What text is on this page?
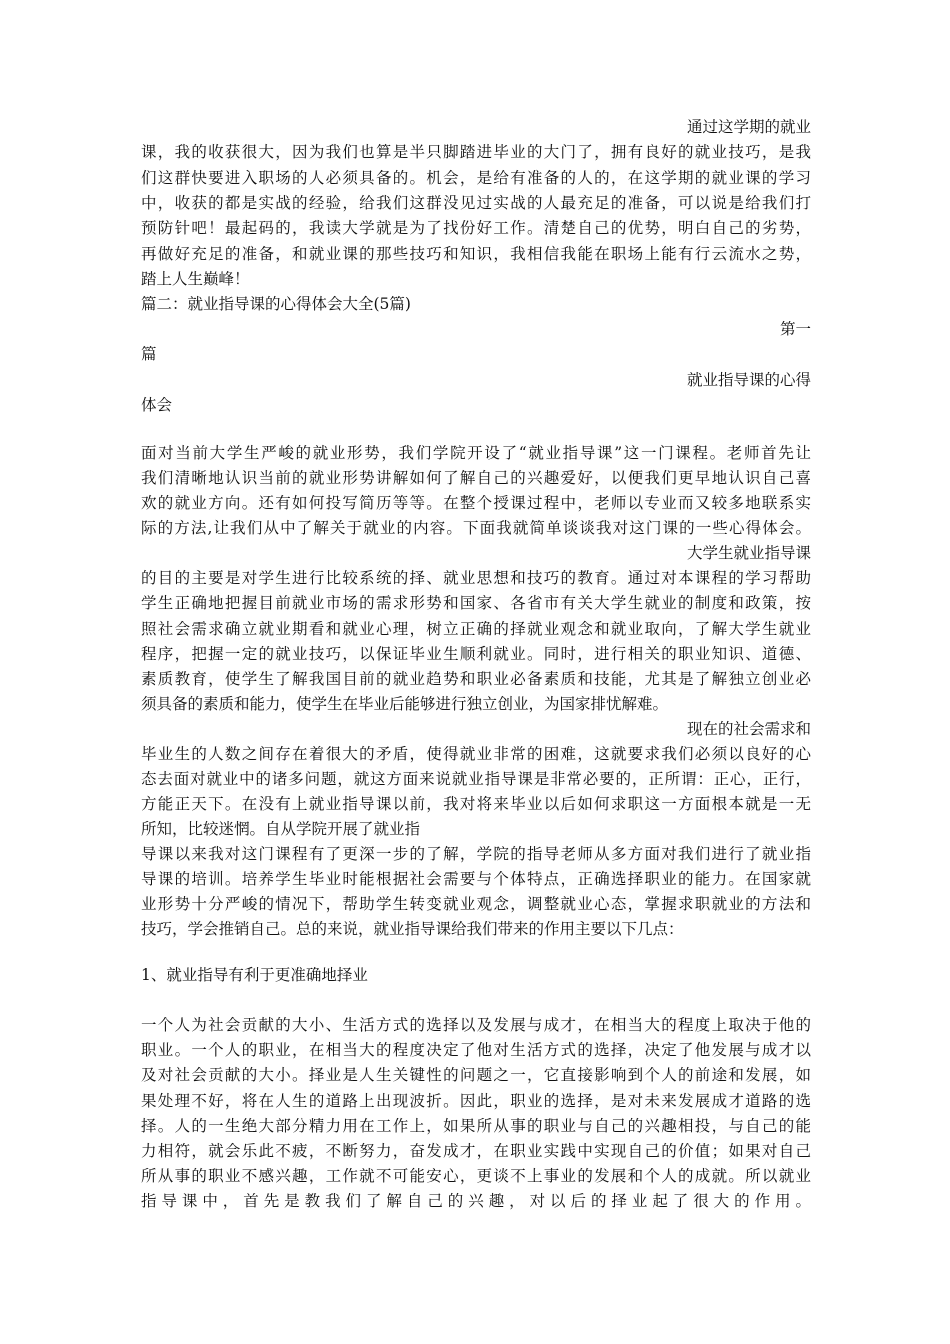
通过这学期的就业
课，我的收获很大，因为我们也算是半只脚踏进毕业的大门了，拥有良好的就业技巧，是我
们这群快要进入职场的人必须具备的。机会，是给有准备的人的，在这学期的就业课的学习
中，收获的都是实战的经验，给我们这群没见过实战的人最充足的准备，可以说是给我们打
预防针吧！最起码的，我读大学就是为了找份好工作。清楚自己的优势，明白自己的劣势，
再做好充足的准备，和就业课的那些技巧和知识，我相信我能在职场上能有行云流水之势，
踏上人生巅峰！
篇二：就业指导课的心得体会大全(5篇)
第一
篇
就业指导课的心得
体会
面对当前大学生严峻的就业形势，我们学院开设了“就业指导课”这一门课程。老师首先让
我们清晰地认识当前的就业形势讲解如何了解自己的兴趣爱好，以便我们更早地认识自己喜
欢的就业方向。还有如何投写简历等等。在整个授课过程中，老师以专业而又较多地联系实
际的方法,让我们从中了解关于就业的内容。下面我就简单谈谈我对这门课的一些心得体会。
大学生就业指导课
的目的主要是对学生进行比较系统的择、就业思想和技巧的教育。通过对本课程的学习帮助
学生正确地把握目前就业市场的需求形势和国家、各省市有关大学生就业的制度和政策，按
照社会需求确立就业期看和就业心理，树立正确的择就业观念和就业取向，了解大学生就业
程序，把握一定的就业技巧，以保证毕业生顺利就业。同时，进行相关的职业知识、道德、
素质教育，使学生了解我国目前的就业趋势和职业必备素质和技能，尤其是了解独立创业必
须具备的素质和能力，使学生在毕业后能够进行独立创业，为国家排忧解难。
现在的社会需求和
毕业生的人数之间存在着很大的矛盾，使得就业非常的困难，这就要求我们必须以良好的心
态去面对就业中的诸多问题，就这方面来说就业指导课是非常必要的，正所谓：正心，正行，
方能正天下。在没有上就业指导课以前，我对将来毕业以后如何求职这一方面根本就是一无
所知，比较迷惘。自从学院开展了就业指
导课以来我对这门课程有了更深一步的了解，学院的指导老师从多方面对我们进行了就业指
导课的培训。培养学生毕业时能根据社会需要与个体特点，正确选择职业的能力。在国家就
业形势十分严峻的情况下，帮助学生转变就业观念，调整就业心态，掌握求职就业的方法和
技巧，学会推销自己。总的来说，就业指导课给我们带来的作用主要以下几点：
1、就业指导有利于更准确地择业
一个人为社会贡献的大小、生活方式的选择以及发展与成才，在相当大的程度上取决于他的
职业。一个人的职业，在相当大的程度决定了他对生活方式的选择，决定了他发展与成才以
及对社会贡献的大小。择业是人生关键性的问题之一，它直接影响到个人的前途和发展，如
果处理不好，将在人生的道路上出现波折。因此，职业的选择，是对未来发展成才道路的选
择。人的一生绝大部分精力用在工作上，如果所从事的职业与自己的兴趣相投，与自己的能
力相符，就会乐此不疲，不断努力，奋发成才，在职业实践中实现自己的价值；如果对自己
所从事的职业不感兴趣，工作就不可能安心，更谈不上事业的发展和个人的成就。所以就业
指导课中，首先是教我们了解自己的兴趣，对以后的择业起了很大的作用。
